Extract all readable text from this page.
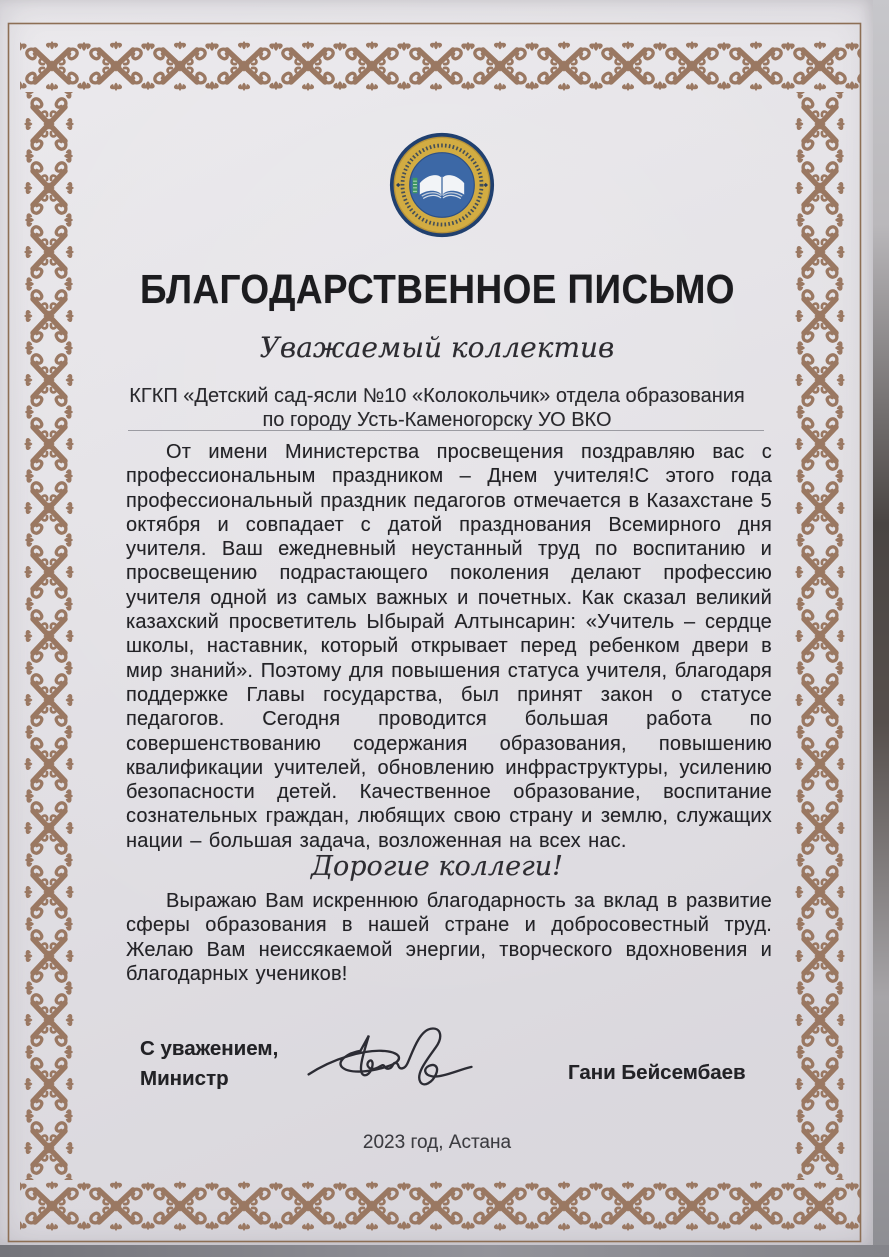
БЛАГОДАРСТВЕННОЕ ПИСЬМО
Уважаемый коллектив
КГКП «Детский сад-ясли №10 «Колокольчик» отдела образования
по городу Усть-Каменогорску УО ВКО
От имени Министерства просвещения поздравляю вас с профессиональным праздником – Днем учителя!С этого года профессиональный праздник педагогов отмечается в Казахстане 5 октября и совпадает с датой празднования Всемирного дня учителя. Ваш ежедневный неустанный труд по воспитанию и просвещению подрастающего поколения делают профессию учителя одной из самых важных и почетных. Как сказал великий казахский просветитель Ыбырай Алтынсарин: «Учитель – сердце школы, наставник, который открывает перед ребенком двери в мир знаний». Поэтому для повышения статуса учителя, благодаря поддержке Главы государства, был принят закон о статусе педагогов. Сегодня проводится большая работа по совершенствованию содержания образования, повышению квалификации учителей, обновлению инфраструктуры, усилению безопасности детей. Качественное образование, воспитание сознательных граждан, любящих свою страну и землю, служащих нации – большая задача, возложенная на всех нас.
Дорогие коллеги!
Выражаю Вам искреннюю благодарность за вклад в развитие сферы образования в нашей стране и добросовестный труд. Желаю Вам неиссякаемой энергии, творческого вдохновения и благодарных учеников!
С уважением,
Министр	Гани Бейсембаев
2023 год, Астана
